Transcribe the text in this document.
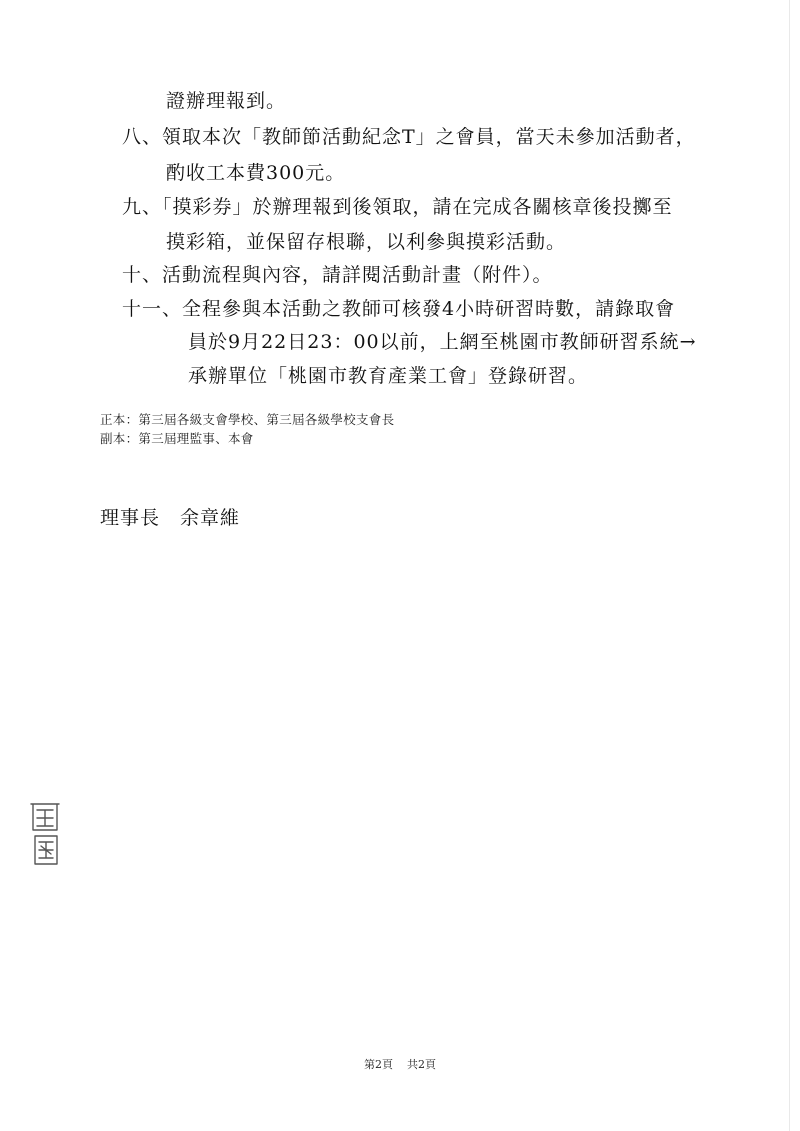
證辦理報到。
八、領取本次「教師節活動紀念T」之會員，當天未參加活動者，
酌收工本費300元。
九、「摸彩券」於辦理報到後領取，請在完成各關核章後投擲至
摸彩箱，並保留存根聯，以利參與摸彩活動。
十、活動流程與內容，請詳閱活動計畫（附件）。
十一、全程參與本活動之教師可核發4小時研習時數，請錄取會
員於9月22日23：00以前，上網至桃園市教師研習系統→
承辦單位「桃園市教育產業工會」登錄研習。
正本：第三屆各級支會學校、第三屆各級學校支會長
副本：第三屆理監事、本會
理事長　余章維
第2頁 共2頁
